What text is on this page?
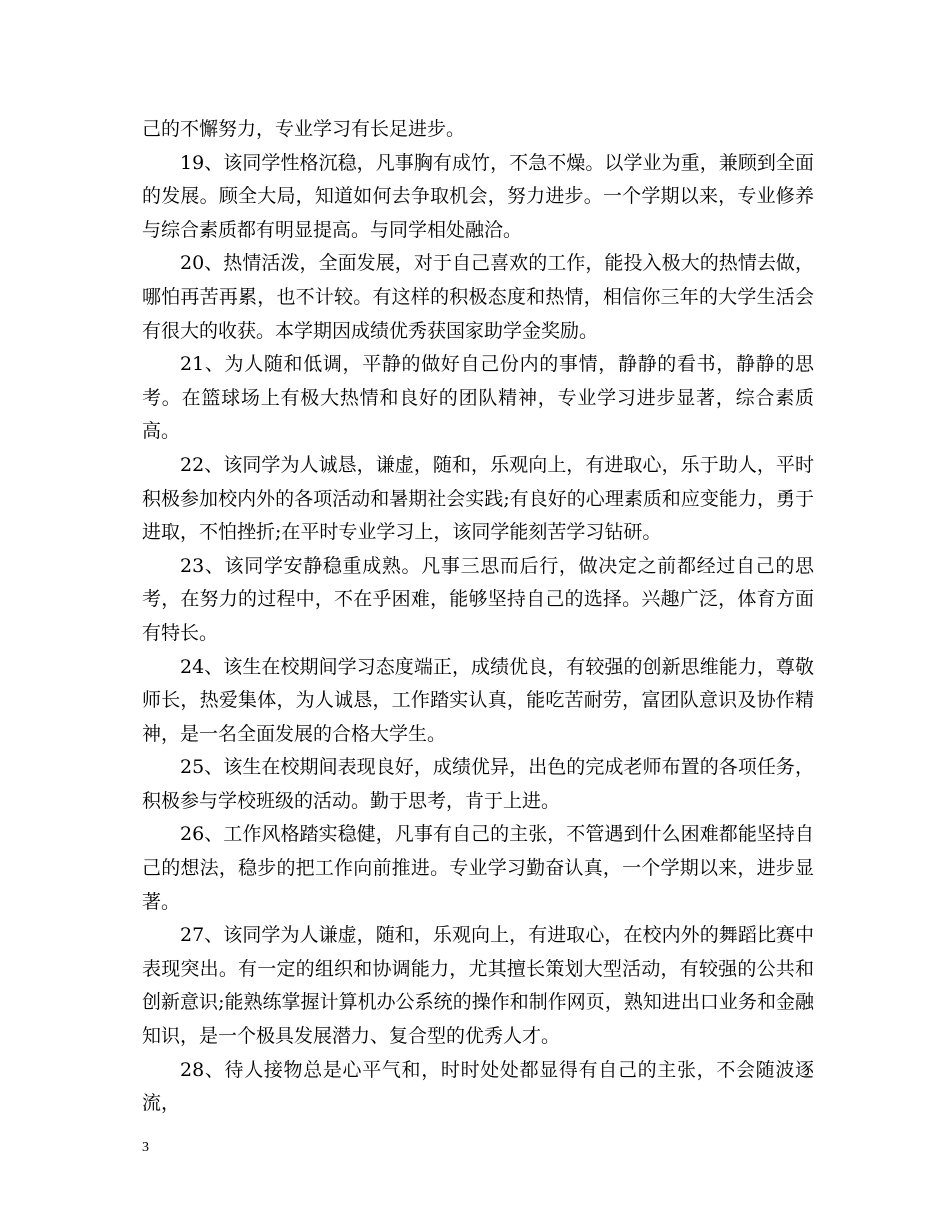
己的不懈努力，专业学习有长足进步。

19、该同学性格沉稳，凡事胸有成竹，不急不燥。以学业为重，兼顾到全面的发展。顾全大局，知道如何去争取机会，努力进步。一个学期以来，专业修养与综合素质都有明显提高。与同学相处融洽。

20、热情活泼，全面发展，对于自己喜欢的工作，能投入极大的热情去做，哪怕再苦再累，也不计较。有这样的积极态度和热情，相信你三年的大学生活会有很大的收获。本学期因成绩优秀获国家助学金奖励。

21、为人随和低调，平静的做好自己份内的事情，静静的看书，静静的思考。在篮球场上有极大热情和良好的团队精神，专业学习进步显著，综合素质高。

22、该同学为人诚恳，谦虚，随和，乐观向上，有进取心，乐于助人，平时积极参加校内外的各项活动和暑期社会实践;有良好的心理素质和应变能力，勇于进取，不怕挫折;在平时专业学习上，该同学能刻苦学习钻研。

23、该同学安静稳重成熟。凡事三思而后行，做决定之前都经过自己的思考，在努力的过程中，不在乎困难，能够坚持自己的选择。兴趣广泛，体育方面有特长。

24、该生在校期间学习态度端正，成绩优良，有较强的创新思维能力，尊敬师长，热爱集体，为人诚恳，工作踏实认真，能吃苦耐劳，富团队意识及协作精神，是一名全面发展的合格大学生。

25、该生在校期间表现良好，成绩优异，出色的完成老师布置的各项任务，积极参与学校班级的活动。勤于思考，肯于上进。

26、工作风格踏实稳健，凡事有自己的主张，不管遇到什么困难都能坚持自己的想法，稳步的把工作向前推进。专业学习勤奋认真，一个学期以来，进步显著。

27、该同学为人谦虚，随和，乐观向上，有进取心，在校内外的舞蹈比赛中表现突出。有一定的组织和协调能力，尤其擅长策划大型活动，有较强的公共和创新意识;能熟练掌握计算机办公系统的操作和制作网页，熟知进出口业务和金融知识，是一个极具发展潜力、复合型的优秀人才。

28、待人接物总是心平气和，时时处处都显得有自己的主张，不会随波逐流，

3
